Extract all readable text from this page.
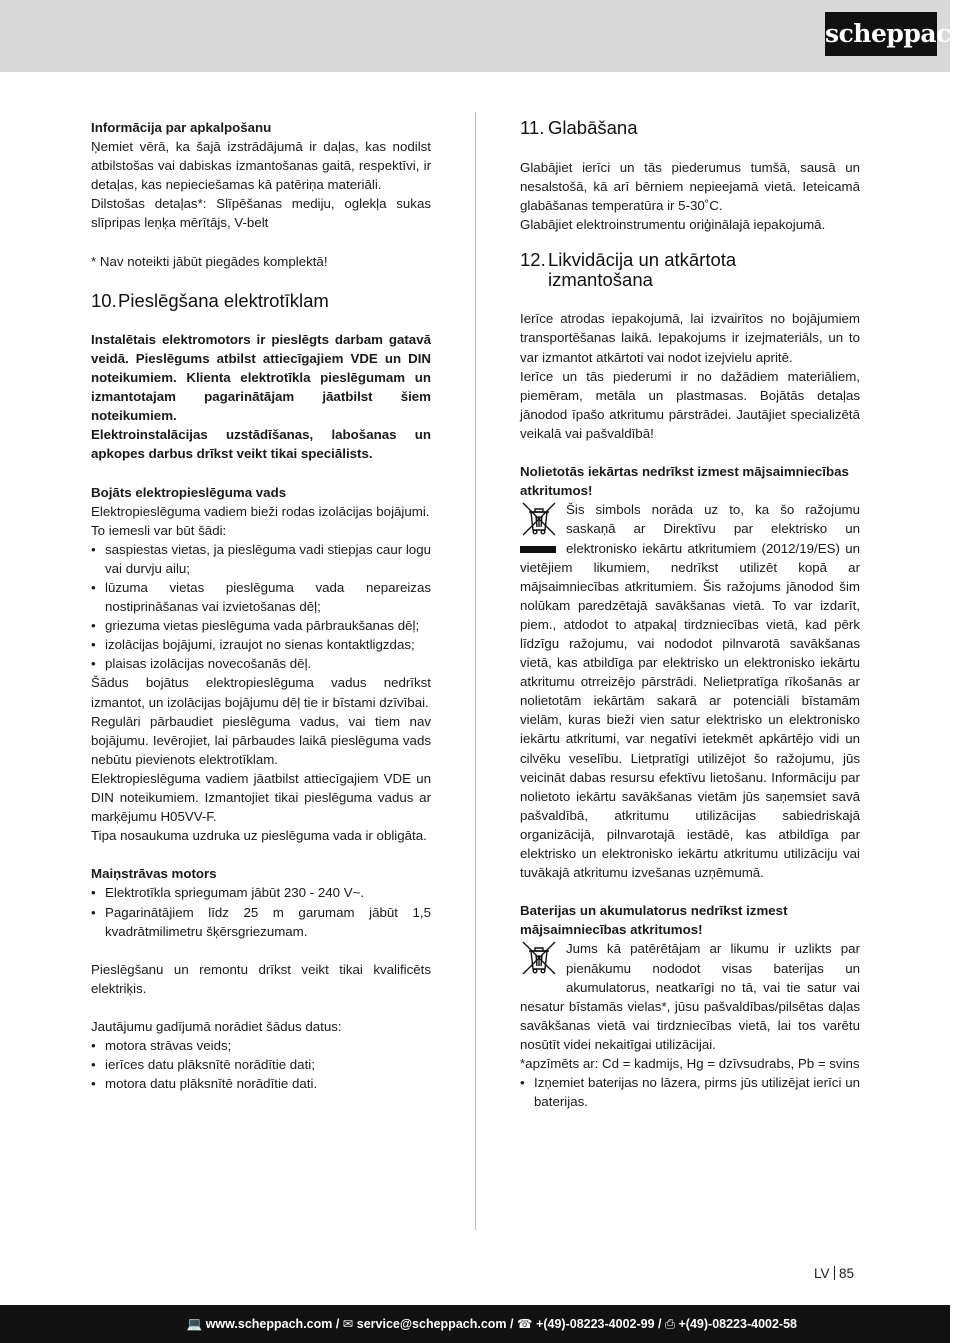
scheppach
Informācija par apkalpošanu

Ņemiet vērā, ka šajā izstrādājumā ir daļas, kas nodilst atbilstošas vai dabiskas izmantošanas gaitā, respektīvi, ir detaļas, kas nepieciešamas kā patēriņa materiāli.

Dilstošas detaļas*: Slīpēšanas mediju, oglekļa sukas slīpripas leņķa mērītājs, V-belt

* Nav noteikti jābūt piegādes komplektā!

10. Pieslēgšana elektrotīklam

Instalētais elektromotors ir pieslēgts darbam gatavā veidā. Pieslēgums atbilst attiecīgajiem VDE un DIN noteikumiem. Klienta elektrotīkla pieslēgumam un izmantotajam pagarinātājam jāatbilst šiem noteikumiem.

Elektroinstalācijas uzstādīšanas, labošanas un apkopes darbus drīkst veikt tikai speciālists.

Bojāts elektropieslēguma vads

Elektropieslēguma vadiem bieži rodas izolācijas bojājumi.

To iemesli var būt šādi:

• saspiestas vietas, ja pieslēguma vadi stiepjas caur logu vai durvju ailu;
• lūzuma vietas pieslēguma vada nepareizas nostiprināšanas vai izvietošanas dēļ;
• griezuma vietas pieslēguma vada pārbraukšanas dēļ;
• izolācijas bojājumi, izraujot no sienas kontaktligzdas;
• plaisas izolācijas novecošanās dēļ.

Šādus bojātus elektropieslēguma vadus nedrīkst izmantot, un izolācijas bojājumu dēļ tie ir bīstami dzīvībai.

Regulāri pārbaudiet pieslēguma vadus, vai tiem nav bojājumu. Ievērojiet, lai pārbaudes laikā pieslēguma vads nebūtu pievienots elektrotīklam.

Elektropieslēguma vadiem jāatbilst attiecīgajiem VDE un DIN noteikumiem. Izmantojiet tikai pieslēguma vadus ar marķējumu H05VV-F.

Tipa nosaukuma uzdruka uz pieslēguma vada ir obligāta.

Maiņstrāvas motors
• Elektrotīkla spriegumam jābūt 230 - 240 V~.
• Pagarinātājiem līdz 25 m garumam jābūt 1,5 kvadrātmilimetru šķērsgriezumam.

Pieslēgšanu un remontu drīkst veikt tikai kvalificēts elektriķis.

Jautājumu gadījumā norādiet šādus datus:

• motora strāvas veids;
• ierīces datu plāksnītē norādītie dati;
• motora datu plāksnītē norādītie dati.
11. Glabāšana

Glabājiet ierīci un tās piederumus tumšā, sausā un nesalstošā, kā arī bērniem nepieejamā vietā. Ieteicamā glabāšanas temperatūra ir 5-30˚C.

Glabājiet elektroinstrumentu oriģinālajā iepakojumā.

12. Likvidācija un atkārtota
izmantošana

Ierīce atrodas iepakojumā, lai izvairītos no bojājumiem transportēšanas laikā. Iepakojums ir izejmateriāls, un to var izmantot atkārtoti vai nodot izejvielu apritē.

Ierīce un tās piederumi ir no dažādiem materiāliem, piemēram, metāla un plastmasas. Bojātās detaļas jānodod īpašo atkritumu pārstrādei. Jautājiet specializētā veikalā vai pašvaldībā!

Nolietotās iekārtas nedrīkst izmest mājsaimniecības atkritumos!

Šis simbols norāda uz to, ka šo ražojumu saskaņā ar Direktīvu par elektrisko un elektronisko iekārtu atkritumiem (2012/19/ES) un vietējiem likumiem, nedrīkst utilizēt kopā ar mājsaimniecības atkritumiem. Šis ražojums jānodod šim nolūkam paredzētajā savākšanas vietā. To var izdarīt, piem., atdodot to atpakaļ tirdzniecības vietā, kad pērk līdzīgu ražojumu, vai nododot pilnvarotā savākšanas vietā, kas atbildīga par elektrisko un elektronisko iekārtu atkritumu otrreizējo pārstrādi. Nelietpratīga rīkošanās ar nolietotām iekārtām sakarā ar potenciāli bīstamām vielām, kuras bieži vien satur elektrisko un elektronisko iekārtu atkritumi, var negatīvi ietekmēt apkārtējo vidi un cilvēku veselību. Lietpratīgi utilizējot šo ražojumu, jūs veicināt dabas resursu efektīvu lietošanu. Informāciju par nolietoto iekārtu savākšanas vietām jūs saņemsiet savā pašvaldībā, atkritumu utilizācijas sabiedriskajā organizācijā, pilnvarotajā iestādē, kas atbildīga par elektrisko un elektronisko iekārtu atkritumu utilizāciju vai tuvākajā atkritumu izvešanas uzņēmumā.

Baterijas un akumulatorus nedrīkst izmest mājsaimniecības atkritumos!

Jums kā patērētājam ar likumu ir uzlikts par pienākumu nododot visas baterijas un akumulatorus, neatkarīgi no tā, vai tie satur vai nesatur bīstamās vielas*, jūsu pašvaldības/pilsētas daļas savākšanas vietā vai tirdzniecības vietā, lai tos varētu nosūtīt videi nekaitīgai utilizācijai.

*apzīmēts ar: Cd = kadmijs, Hg = dzīvsudrabs, Pb = svins

• Izņemiet baterijas no lāzera, pirms jūs utilizējat ierīci un baterijas.
LV 85
💻 www.scheppach.com / ✉ service@scheppach.com / ☎ +(49)-08223-4002-99 / ⎙ +(49)-08223-4002-58
